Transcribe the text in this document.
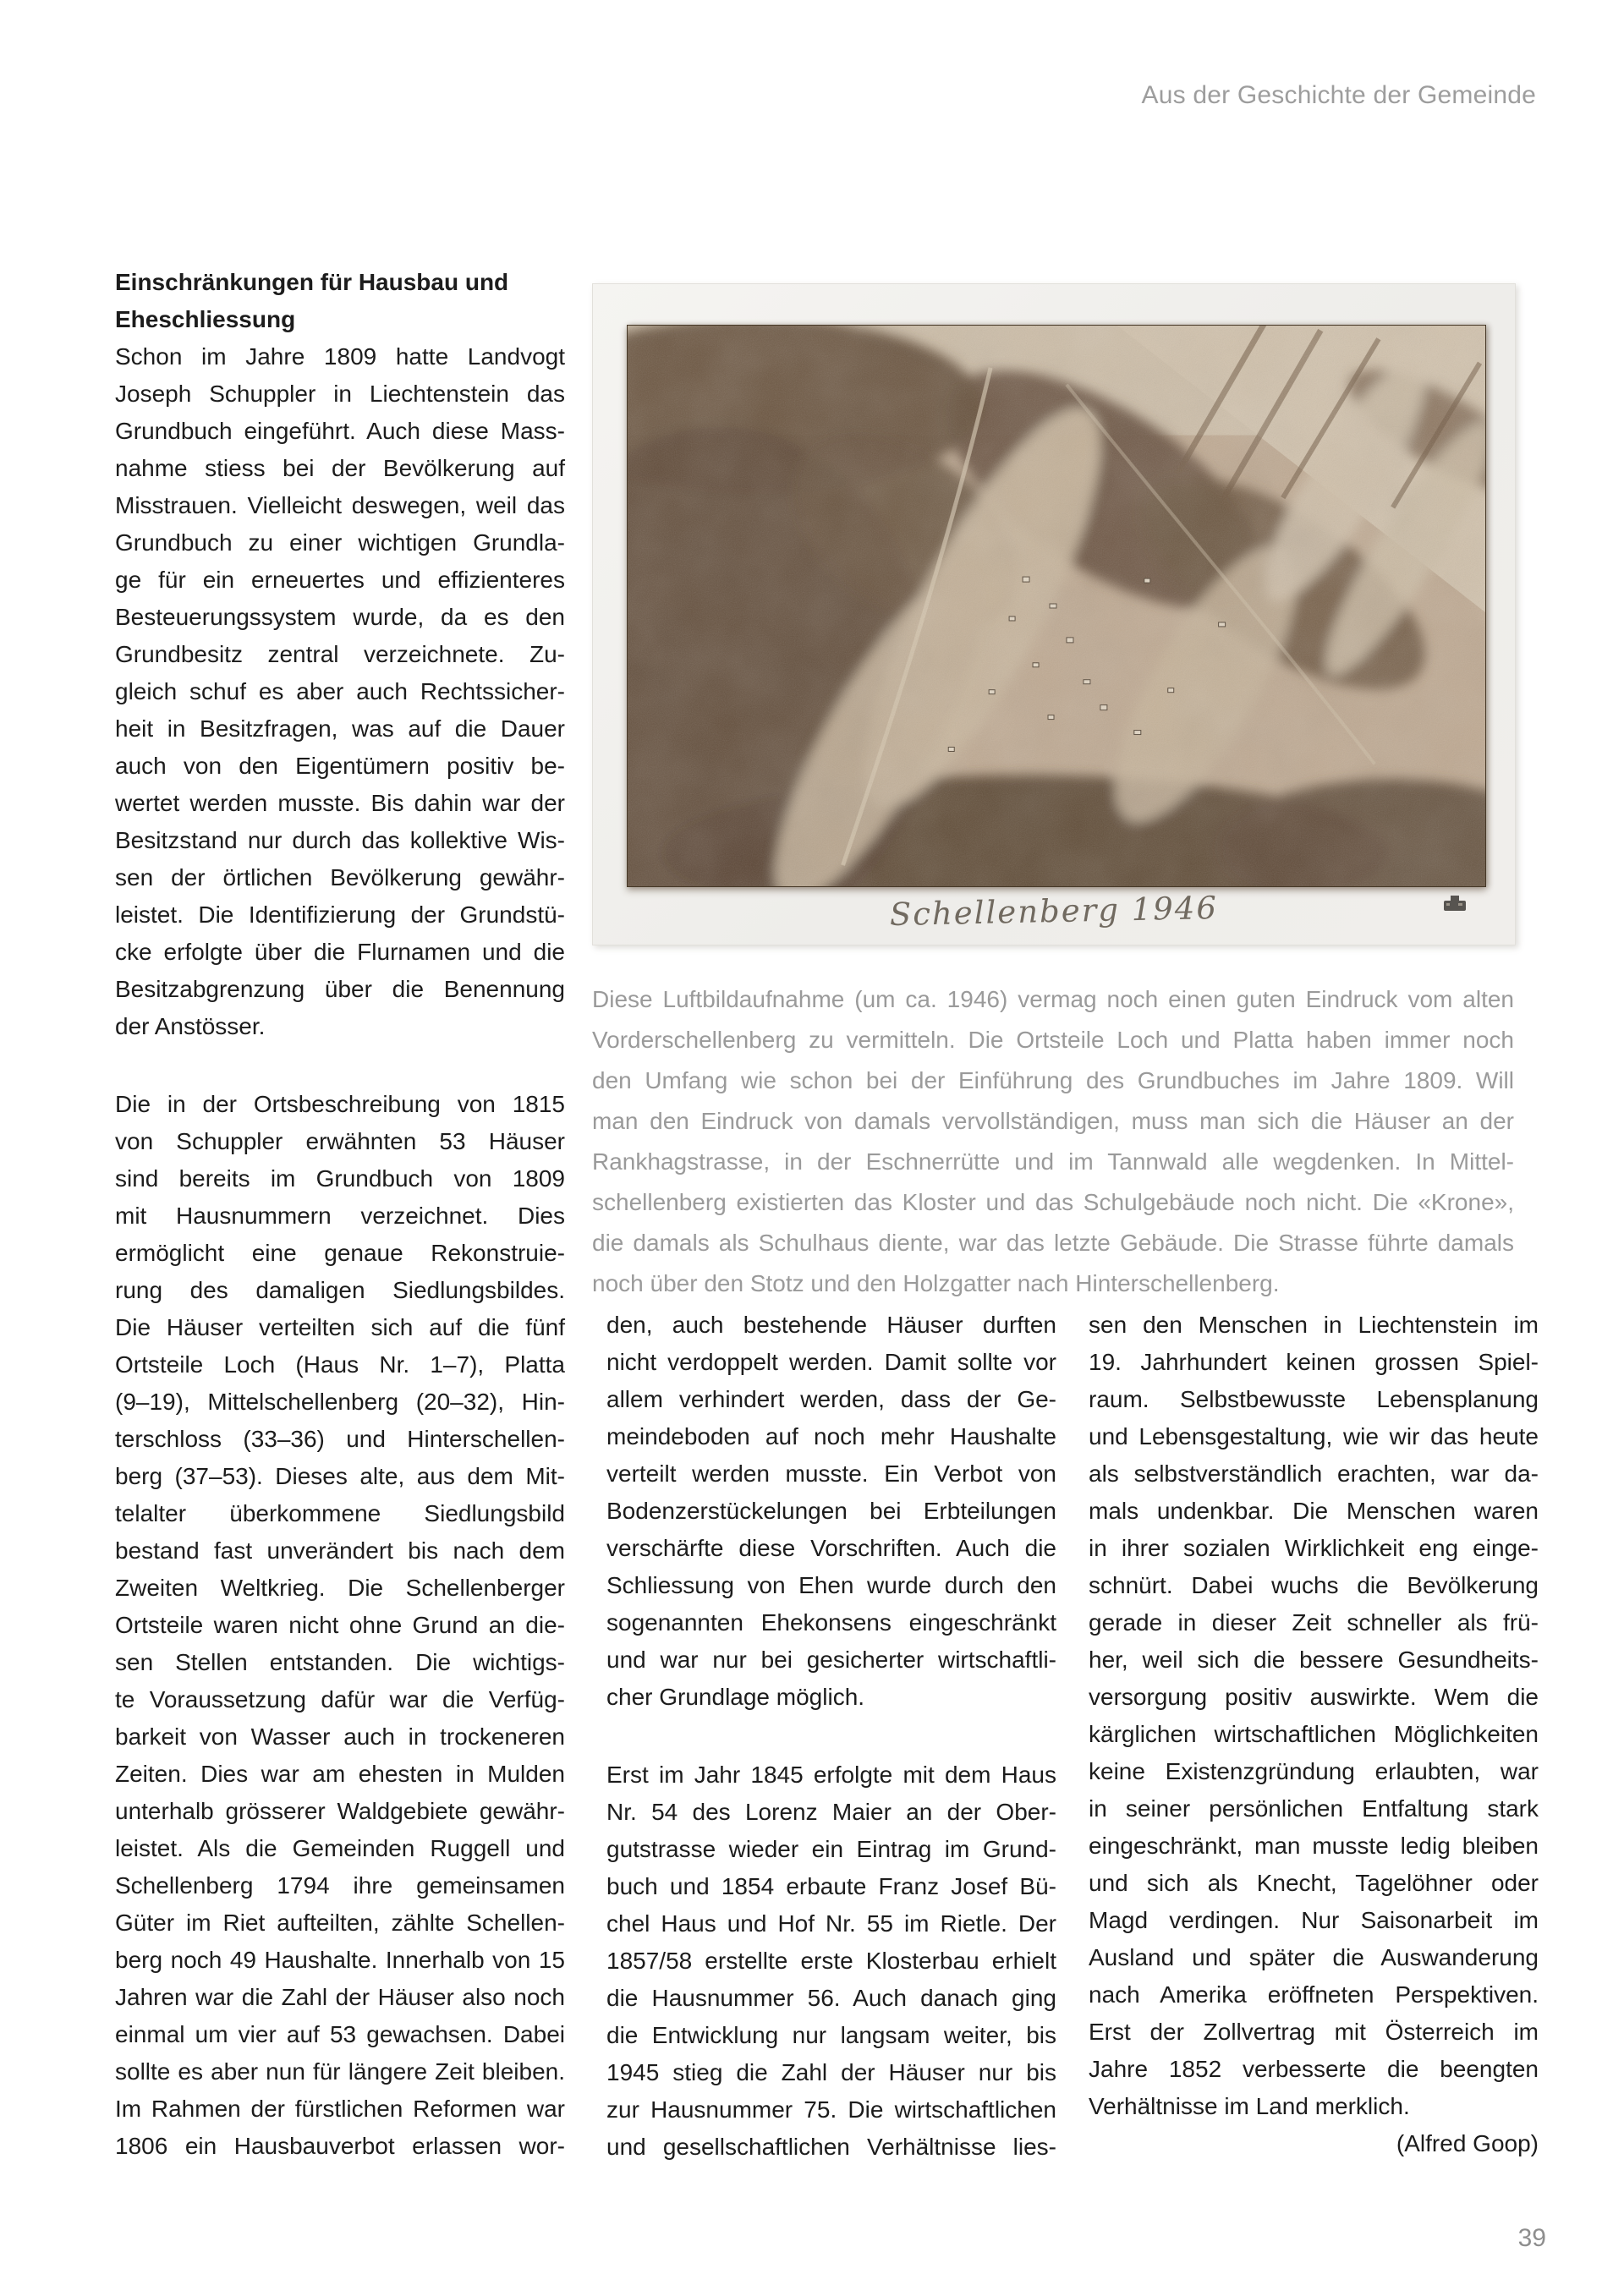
Aus der Geschichte der Gemeinde
Schellenberg 1946
Diese Luftbildaufnahme (um ca. 1946) vermag noch einen guten Eindruck vom alten
Vorderschellenberg zu vermitteln. Die Ortsteile Loch und Platta haben immer noch
den Umfang wie schon bei der Einführung des Grundbuches im Jahre 1809. Will
man den Eindruck von damals vervollständigen, muss man sich die Häuser an der
Rankhagstrasse, in der Eschnerrütte und im Tannwald alle wegdenken. In Mittel-
schellenberg existierten das Kloster und das Schulgebäude noch nicht. Die «Krone»,
die damals als Schulhaus diente, war das letzte Gebäude. Die Strasse führte damals
noch über den Stotz und den Holzgatter nach Hinterschellenberg.
Einschränkungen für Hausbau und
Eheschliessung
Schon im Jahre 1809 hatte Landvogt
Joseph Schuppler in Liechtenstein das
Grundbuch eingeführt. Auch diese Mass-
nahme stiess bei der Bevölkerung auf
Misstrauen. Vielleicht deswegen, weil das
Grundbuch zu einer wichtigen Grundla-
ge für ein erneuertes und effizienteres
Besteuerungssystem wurde, da es den
Grundbesitz zentral verzeichnete. Zu-
gleich schuf es aber auch Rechtssicher-
heit in Besitzfragen, was auf die Dauer
auch von den Eigentümern positiv be-
wertet werden musste. Bis dahin war der
Besitzstand nur durch das kollektive Wis-
sen der örtlichen Bevölkerung gewähr-
leistet. Die Identifizierung der Grundstü-
cke erfolgte über die Flurnamen und die
Besitzabgrenzung über die Benennung
der Anstösser.
Die in der Ortsbeschreibung von 1815
von Schuppler erwähnten 53 Häuser
sind bereits im Grundbuch von 1809
mit Hausnummern verzeichnet. Dies
ermöglicht eine genaue Rekonstruie-
rung des damaligen Siedlungsbildes.
Die Häuser verteilten sich auf die fünf
Ortsteile Loch (Haus Nr. 1–7), Platta
(9–19), Mittelschellenberg (20–32), Hin-
terschloss (33–36) und Hinterschellen-
berg (37–53). Dieses alte, aus dem Mit-
telalter überkommene Siedlungsbild
bestand fast unverändert bis nach dem
Zweiten Weltkrieg. Die Schellenberger
Ortsteile waren nicht ohne Grund an die-
sen Stellen entstanden. Die wichtigs-
te Voraussetzung dafür war die Verfüg-
barkeit von Wasser auch in trockeneren
Zeiten. Dies war am ehesten in Mulden
unterhalb grösserer Waldgebiete gewähr-
leistet. Als die Gemeinden Ruggell und
Schellenberg 1794 ihre gemeinsamen
Güter im Riet aufteilten, zählte Schellen-
berg noch 49 Haushalte. Innerhalb von 15
Jahren war die Zahl der Häuser also noch
einmal um vier auf 53 gewachsen. Dabei
sollte es aber nun für längere Zeit bleiben.
Im Rahmen der fürstlichen Reformen war
1806 ein Hausbauverbot erlassen wor-
den, auch bestehende Häuser durften
nicht verdoppelt werden. Damit sollte vor
allem verhindert werden, dass der Ge-
meindeboden auf noch mehr Haushalte
verteilt werden musste. Ein Verbot von
Bodenzerstückelungen bei Erbteilungen
verschärfte diese Vorschriften. Auch die
Schliessung von Ehen wurde durch den
sogenannten Ehekonsens eingeschränkt
und war nur bei gesicherter wirtschaftli-
cher Grundlage möglich.
Erst im Jahr 1845 erfolgte mit dem Haus
Nr. 54 des Lorenz Maier an der Ober-
gutstrasse wieder ein Eintrag im Grund-
buch und 1854 erbaute Franz Josef Bü-
chel Haus und Hof Nr. 55 im Rietle. Der
1857/58 erstellte erste Klosterbau erhielt
die Hausnummer 56. Auch danach ging
die Entwicklung nur langsam weiter, bis
1945 stieg die Zahl der Häuser nur bis
zur Hausnummer 75. Die wirtschaftlichen
und gesellschaftlichen Verhältnisse lies-
sen den Menschen in Liechtenstein im
19. Jahrhundert keinen grossen Spiel-
raum. Selbstbewusste Lebensplanung
und Lebensgestaltung, wie wir das heute
als selbstverständlich erachten, war da-
mals undenkbar. Die Menschen waren
in ihrer sozialen Wirklichkeit eng einge-
schnürt. Dabei wuchs die Bevölkerung
gerade in dieser Zeit schneller als frü-
her, weil sich die bessere Gesundheits-
versorgung positiv auswirkte. Wem die
kärglichen wirtschaftlichen Möglichkeiten
keine Existenzgründung erlaubten, war
in seiner persönlichen Entfaltung stark
eingeschränkt, man musste ledig bleiben
und sich als Knecht, Tagelöhner oder
Magd verdingen. Nur Saisonarbeit im
Ausland und später die Auswanderung
nach Amerika eröffneten Perspektiven.
Erst der Zollvertrag mit Österreich im
Jahre 1852 verbesserte die beengten
Verhältnisse im Land merklich.
(Alfred Goop)
39
